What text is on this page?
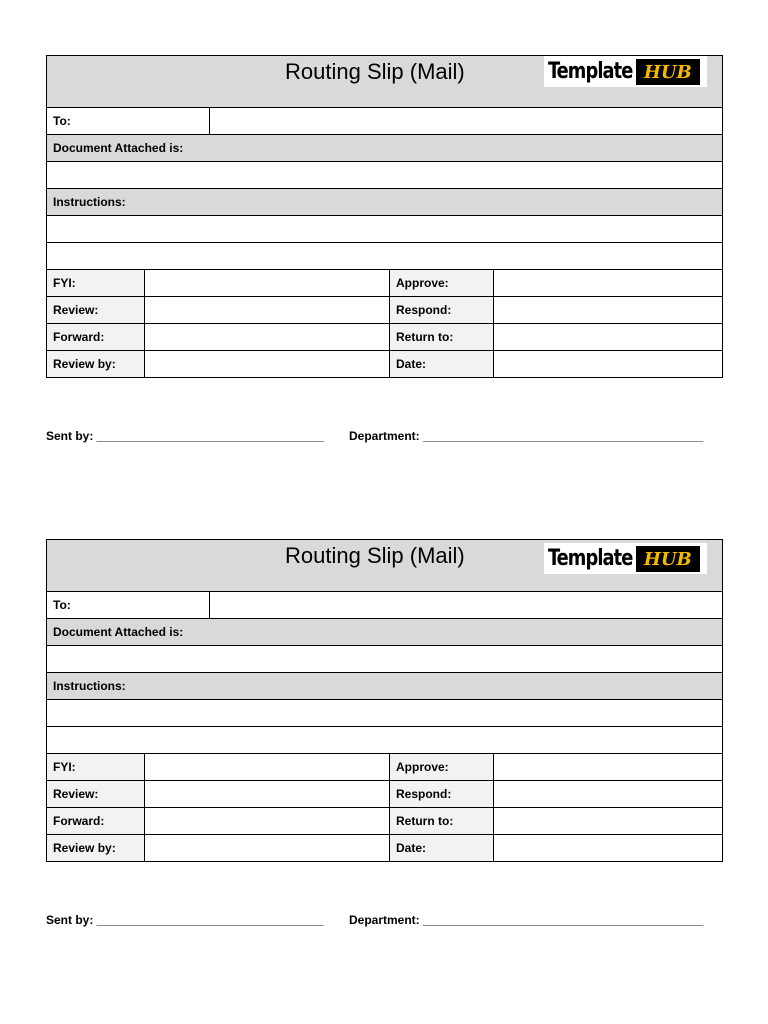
Routing Slip (Mail) Template HUB				

To:				
Document Attached is:				

Instructions:				

FYI:			Approve:	
Review:			Respond:	
Forward:			Return to:	
Review by:			Date:	
Sent by: __________________________________ Department: __________________________________________
Routing Slip (Mail) Template HUB				

To:				
Document Attached is:				

Instructions:				

FYI:			Approve:	
Review:			Respond:	
Forward:			Return to:	
Review by:			Date:	
Sent by: __________________________________ Department: __________________________________________
